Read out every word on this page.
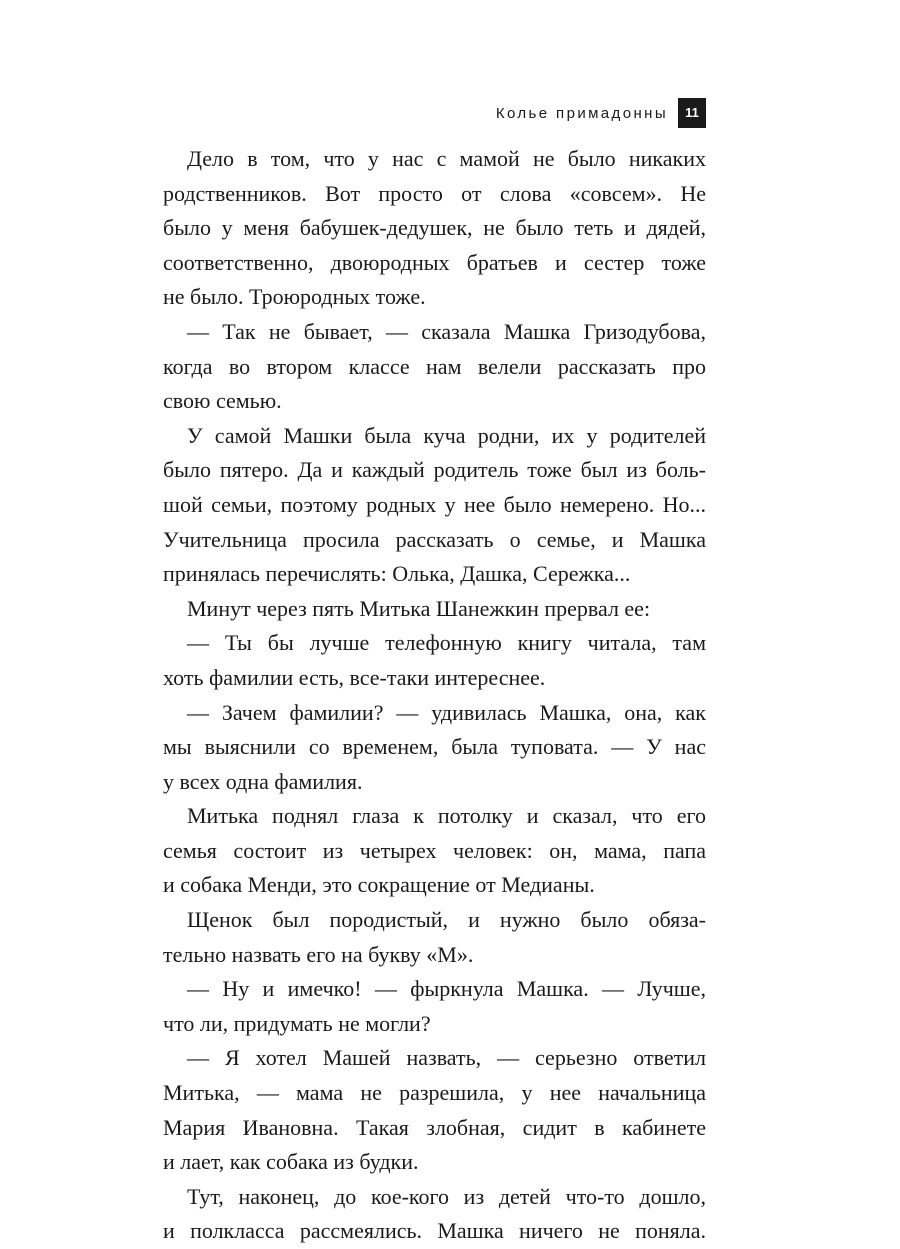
Колье примадонны	11
Дело в том, что у нас с мамой не было никаких
родственников. Вот просто от слова «совсем». Не
было у меня бабушек-дедушек, не было теть и дядей,
соответственно, двоюродных братьев и сестер тоже
не было. Троюродных тоже.
— Так не бывает, — сказала Машка Гризодубова,
когда во втором классе нам велели рассказать про
свою семью.
У самой Машки была куча родни, их у родителей
было пятеро. Да и каждый родитель тоже был из боль-
шой семьи, поэтому родных у нее было немерено. Но...
Учительница просила рассказать о семье, и Машка
принялась перечислять: Олька, Дашка, Сережка...
Минут через пять Митька Шанежкин прервал ее:
— Ты бы лучше телефонную книгу читала, там
хоть фамилии есть, все-таки интереснее.
— Зачем фамилии? — удивилась Машка, она, как
мы выяснили со временем, была туповата. — У нас
у всех одна фамилия.
Митька поднял глаза к потолку и сказал, что его
семья состоит из четырех человек: он, мама, папа
и собака Менди, это сокращение от Медианы.
Щенок был породистый, и нужно было обяза-
тельно назвать его на букву «М».
— Ну и имечко! — фыркнула Машка. — Лучше,
что ли, придумать не могли?
— Я хотел Машей назвать, — серьезно ответил
Митька, — мама не разрешила, у нее начальница
Мария Ивановна. Такая злобная, сидит в кабинете
и лает, как собака из будки.
Тут, наконец, до кое-кого из детей что-то дошло,
и полкласса рассмеялись. Машка ничего не поняла.
